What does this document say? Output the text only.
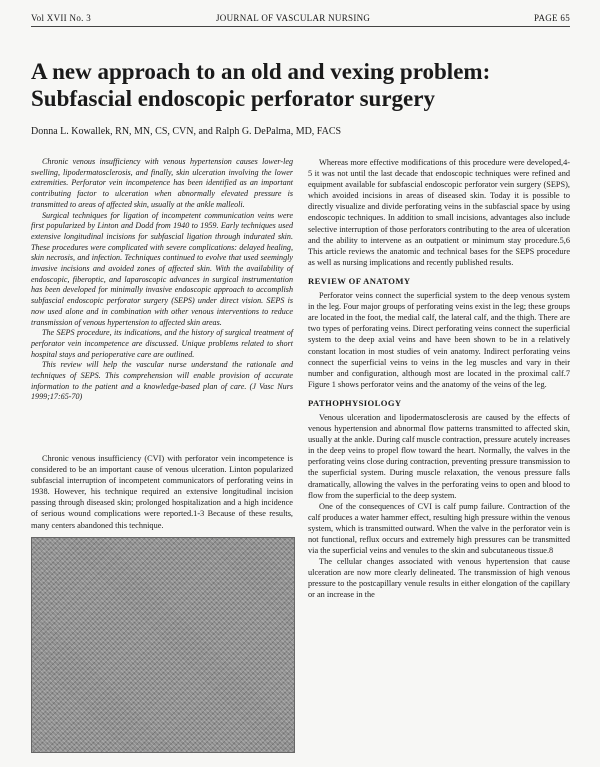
Vol XVII No. 3	JOURNAL OF VASCULAR NURSING	PAGE 65
A new approach to an old and vexing problem: Subfascial endoscopic perforator surgery
Donna L. Kowallek, RN, MN, CS, CVN, and Ralph G. DePalma, MD, FACS

Chronic venous insufficiency with venous hypertension causes lower-leg swelling, lipodermatosclerosis, and finally, skin ulceration involving the lower extremities. Perforator vein incompetence has been identified as an important contributing factor to ulceration when abnormally elevated pressure is transmitted to areas of affected skin, usually at the ankle malleoli.

Surgical techniques for ligation of incompetent communication veins were first popularized by Linton and Dodd from 1940 to 1959. Early techniques used extensive longitudinal incisions for subfascial ligation through indurated skin. These procedures were complicated with severe complications: delayed healing, skin necrosis, and infection. Techniques continued to evolve that used seemingly invasive incisions and avoided zones of affected skin. With the availability of endoscopic, fiberoptic, and laparoscopic advances in surgical instrumentation has been developed for minimally invasive endoscopic approach to accomplish subfascial endoscopic perforator surgery (SEPS) under direct vision. SEPS is now used alone and in combination with other venous interventions to reduce transmission of venous hypertension to affected skin areas.

The SEPS procedure, its indications, and the history of surgical treatment of perforator vein incompetence are discussed. Unique problems related to short hospital stays and perioperative care are outlined.

This review will help the vascular nurse understand the rationale and techniques of SEPS. This comprehension will enable provision of accurate information to the patient and a knowledge-based plan of care. (J Vasc Nurs 1999;17:65-70)

Chronic venous insufficiency (CVI) with perforator vein incompetence is considered to be an important cause of venous ulceration. Linton popularized subfascial interruption of incompetent communicators of perforating veins in 1938. However, his technique required an extensive longitudinal incision passing through diseased skin; prolonged hospitalization and a high incidence of serious wound complications were reported.1-3 Because of these results, many centers abandoned this technique.

Whereas more effective modifications of this procedure were developed,4-5 it was not until the last decade that endoscopic techniques were refined and equipment available for subfascial endoscopic perforator vein surgery (SEPS), which avoided incisions in areas of diseased skin. Today it is possible to directly visualize and divide perforating veins in the subfascial space by using endoscopic techniques. In addition to small incisions, advantages also include selective interruption of those perforators contributing to the area of ulceration and the ability to intervene as an outpatient or minimum stay procedure.5,6 This article reviews the anatomic and technical bases for the SEPS procedure as well as nursing implications and recently published results.

REVIEW OF ANATOMY

Perforator veins connect the superficial system to the deep venous system in the leg. Four major groups of perforating veins exist in the leg; these groups are located in the foot, the medial calf, the lateral calf, and the thigh. There are two types of perforating veins. Direct perforating veins connect the superficial system to the deep axial veins and have been shown to be in a relatively constant location in most studies of vein anatomy. Indirect perforating veins connect the superficial veins to veins in the leg muscles and vary in their number and configuration, although most are located in the proximal calf.7 Figure 1 shows perforator veins and the anatomy of the veins of the leg.

PATHOPHYSIOLOGY

Venous ulceration and lipodermatosclerosis are caused by the effects of venous hypertension and abnormal flow patterns transmitted to affected skin, usually at the ankle. During calf muscle contraction, pressure acutely increases in the deep veins to propel flow toward the heart. Normally, the valves in the perforating veins close during contraction, preventing pressure transmission to the superficial system. During muscle relaxation, the venous pressure falls dramatically, allowing the valves in the perforating veins to open and blood to flow from the superficial to the deep system.

One of the consequences of CVI is calf pump failure. Contraction of the calf produces a water hammer effect, resulting high pressure within the venous system, which is transmitted outward. When the valve in the perforator vein is not functional, reflux occurs and extremely high pressures can be transmitted via the superficial veins and venules to the skin and subcutaneous tissue.8

The cellular changes associated with venous hypertension that cause ulceration are now more clearly delineated. The transmission of high venous pressure to the postcapillary venule results in either elongation of the capillary or an increase in the
